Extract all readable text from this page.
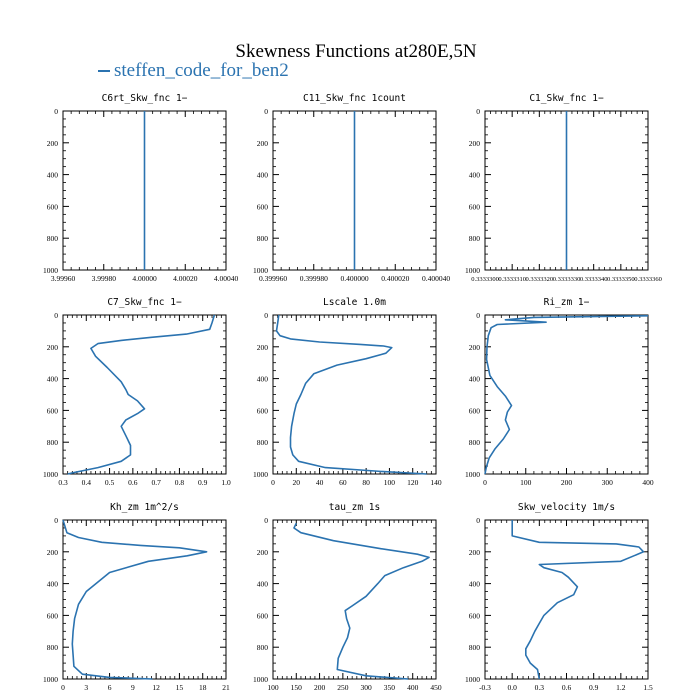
Skewness Functions at280E,5N
steffen_code_for_ben2
C6rt_Skw_fnc 1−
3.99960 3.99980 4.00000 4.00020 4.00040
0
200
400
600
800
1000
C11_Skw_fnc 1count
0.399960 0.399980 0.400000 0.400020 0.400040
0
200
400
600
800
1000
C1_Skw_fnc 1−
0.3333300 0.3333310 0.3333320 0.3333330 0.3333340 0.3333350 0.3333360
0
200
400
600
800
1000
C7_Skw_fnc 1−
0.3 0.4 0.5 0.6 0.7 0.8 0.9 1.0
0
200
400
600
800
1000
Lscale 1.0m
0 20 40 60 80 100 120 140
0
200
400
600
800
1000
Ri_zm 1−
0	100	200	300	400
0
200
400
600
800
1000
Kh_zm 1m^2/s
0	3	6	9 12 15 18 21
0
200
400
600
800
1000
tau_zm 1s
100 150 200 250 300 350 400 450
0
200
400
600
800
1000
Skw_velocity 1m/s
-0.3 0.0 0.3 0.6 0.9 1.2 1.5
0
200
400
600
800
1000
